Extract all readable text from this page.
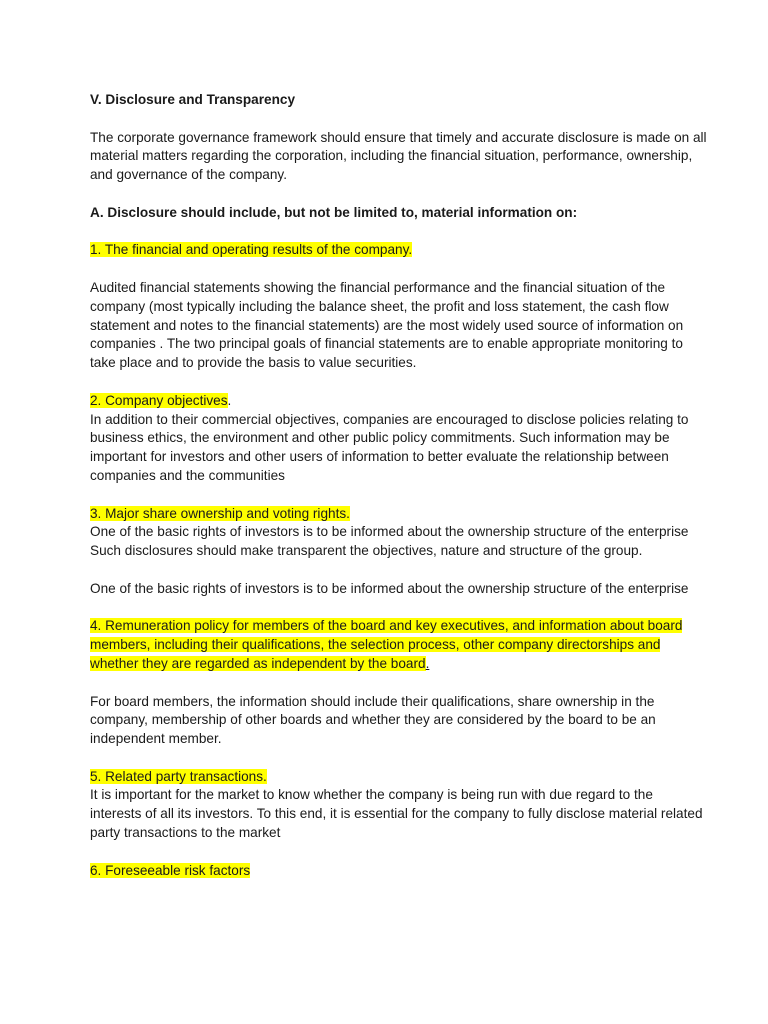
V. Disclosure and Transparency

The corporate governance framework should ensure that timely and accurate disclosure is made on all material matters regarding the corporation, including the financial situation, performance, ownership, and governance of the company.

A. Disclosure should include, but not be limited to, material information on:

1. The financial and operating results of the company.

Audited financial statements showing the financial performance and the financial situation of the company (most typically including the balance sheet, the profit and loss statement, the cash flow statement and notes to the financial statements) are the most widely used source of information on companies . The two principal goals of financial statements are to enable appropriate monitoring to take place and to provide the basis to value securities.

2. Company objectives.

In addition to their commercial objectives, companies are encouraged to disclose policies relating to business ethics, the environment and other public policy commitments. Such information may be important for investors and other users of information to better evaluate the relationship between companies and the communities

3. Major share ownership and voting rights.

One of the basic rights of investors is to be informed about the ownership structure of the enterprise

Such disclosures should make transparent the objectives, nature and structure of the group.

One of the basic rights of investors is to be informed about the ownership structure of the enterprise

4. Remuneration policy for members of the board and key executives, and information about board members, including their qualifications, the selection process, other company directorships and whether they are regarded as independent by the board.

For board members, the information should include their qualifications, share ownership in the company, membership of other boards and whether they are considered by the board to be an independent member.

5. Related party transactions.

It is important for the market to know whether the company is being run with due regard to the interests of all its investors. To this end, it is essential for the company to fully disclose material related party transactions to the market

6. Foreseeable risk factors
